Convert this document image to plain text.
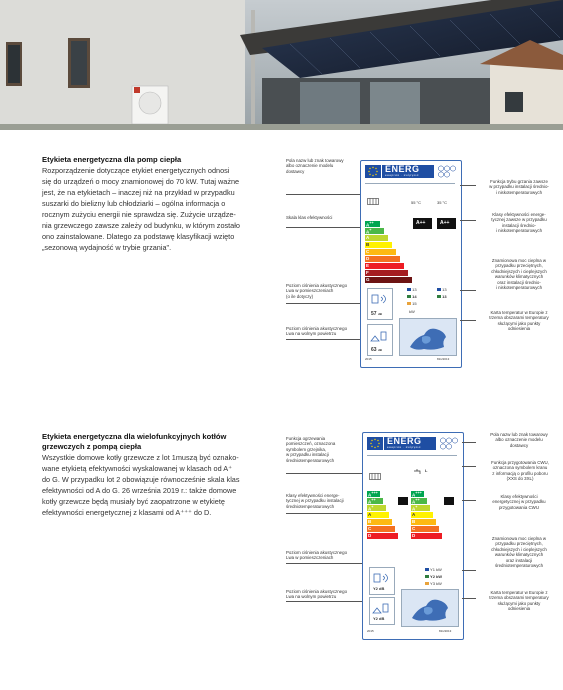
Etykieta energetyczna dla pomp ciepła
Rozporządzenie dotyczące etykiet energetycznych odnosi
się do urządzeń o mocy znamionowej do 70 kW. Tutaj ważne
jest, że na etykietach – inaczej niż na przykład w przypadku
suszarki do bielizny lub chłodziarki – ogólna informacja o
rocznym zużyciu energii nie sprawdza się. Zużycie urządze-
nia grzewczego zawsze zależy od budynku, w którym zostało
ono zainstalowane. Dlatego za podstawę klasyfikacji wzięto
„sezonową wydajność w trybie grzania".
Pola nazw lub znak towarowy
albo oznaczenie modelu
dostawcy
Skala klas efektywności
Poziom ciśnienia akustycznego
Lwa w pomieszczeniach
(o ile dotyczy)
Poziom ciśnienia akustycznego
Lwa na wolnym powietrzu
ENERG
енергия · ενέργεια
55 °C	35 °C
A++
A+
A
B
C
D
E
F
G
A++	A++
13
14
15
kW
13
13
57 dB
63 dB
2015	811/2013
Funkcja trybu grzania zawsze
w przypadku instalacji średnio-
i niskotemperaturowych
Klasy efektywności energe-
tycznej zawsze w przypadku
instalacji średnio-
i niskotemperaturowych
Znamionowa moc cieplna w
przypadku przeciętnych,
chłodniejszych i cieplejszych
warunków klimatycznych
oraz instalacji średnio-
i niskotemperaturowych
Karta temperatur w Europie z
trzema obszarami temperatury
służącymi jako punkty
odniesienia
Etykieta energetyczna dla wielofunkcyjnych kotłów
grzewczych z pompą ciepła
Wszystkie domowe kotły grzewcze z lot 1muszą być oznako-
wane etykietą efektywności wyskalowanej w klasach od A⁺
do G. W przypadku lot 2 obowiązuje równocześnie skala klas
efektywności od A do G. 26 września 2019 r.: także domowe
kotły grzewcze będą musiały być zaopatrzone w etykietę
efektywności energetycznej z klasami od A⁺⁺⁺ do D.
Funkcja ogrzewania
pomieszczeń, oznaczona
symbolem grzejnika,
w przypadku instalacji
średniotemperaturowych
Klasy efektywności energe-
tycznej w przypadku instalacji
średniotemperaturowych
Poziom ciśnienia akustycznego
Lwa w pomieszczeniach
Poziom ciśnienia akustycznego
Lwa na wolnym powietrzu
ENERG
енергия · ενέργεια
L
A+++
A++
A+
A
B
C
D
A+++
A++
A+
A
B
C
D
Y2 dB
Y2 dB
Y1 kW
Y2 kW
Y3 kW
2015	811/2013
Pola nazw lub znak towarowy
albo oznaczenie modelu
dostawcy
Funkcja przygotowania CWU,
oznaczona symbolem kranu
z informacją o profilu poboru
(XXS do 3XL)
Klasy efektywności
energetycznej w przypadku
przygotowania CWU
Znamionowa moc cieplna w
przypadku przeciętnych,
chłodniejszych i cieplejszych
warunków klimatycznych
oraz instalacji
średniotemperaturowych
Karta temperatur w Europie z
trzema obszarami temperatury
służącymi jako punkty
odniesienia
